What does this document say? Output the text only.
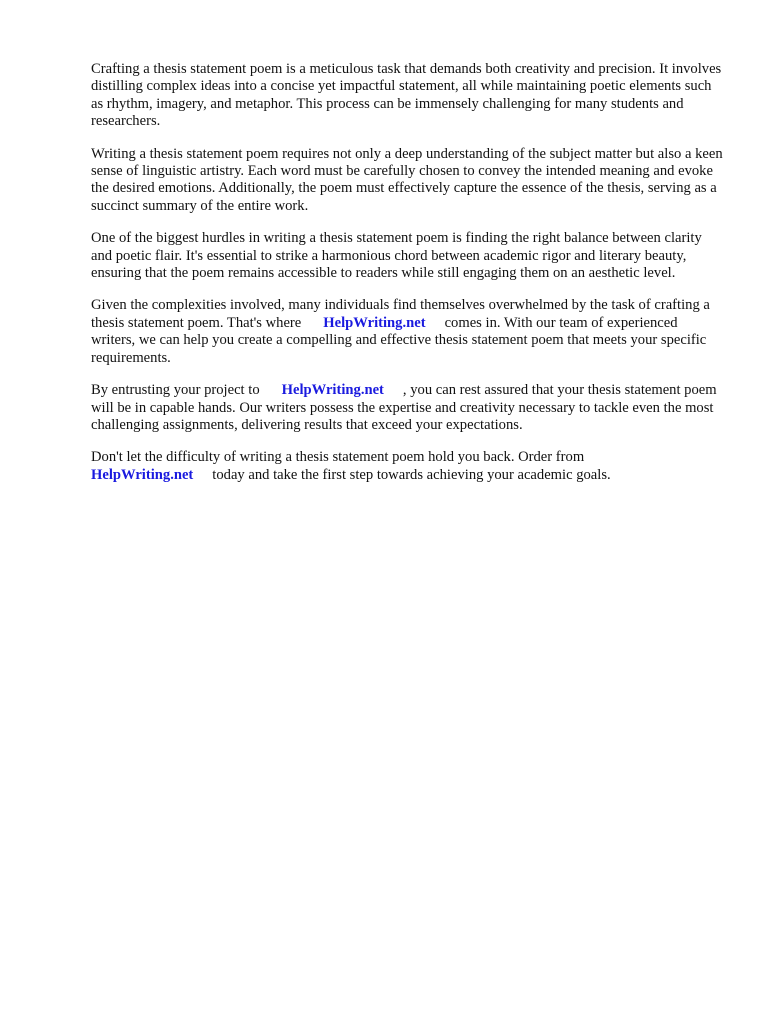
Crafting a thesis statement poem is a meticulous task that demands both creativity and precision. It involves distilling complex ideas into a concise yet impactful statement, all while maintaining poetic elements such as rhythm, imagery, and metaphor. This process can be immensely challenging for many students and researchers.

Writing a thesis statement poem requires not only a deep understanding of the subject matter but also a keen sense of linguistic artistry. Each word must be carefully chosen to convey the intended meaning and evoke the desired emotions. Additionally, the poem must effectively capture the essence of the thesis, serving as a succinct summary of the entire work.

One of the biggest hurdles in writing a thesis statement poem is finding the right balance between clarity and poetic flair. It's essential to strike a harmonious chord between academic rigor and literary beauty, ensuring that the poem remains accessible to readers while still engaging them on an aesthetic level.

Given the complexities involved, many individuals find themselves overwhelmed by the task of crafting a thesis statement poem. That's where HelpWriting.net comes in. With our team of experienced writers, we can help you create a compelling and effective thesis statement poem that meets your specific requirements.

By entrusting your project to HelpWriting.net , you can rest assured that your thesis statement poem will be in capable hands. Our writers possess the expertise and creativity necessary to tackle even the most challenging assignments, delivering results that exceed your expectations.

Don't let the difficulty of writing a thesis statement poem hold you back. Order from HelpWriting.net today and take the first step towards achieving your academic goals.
